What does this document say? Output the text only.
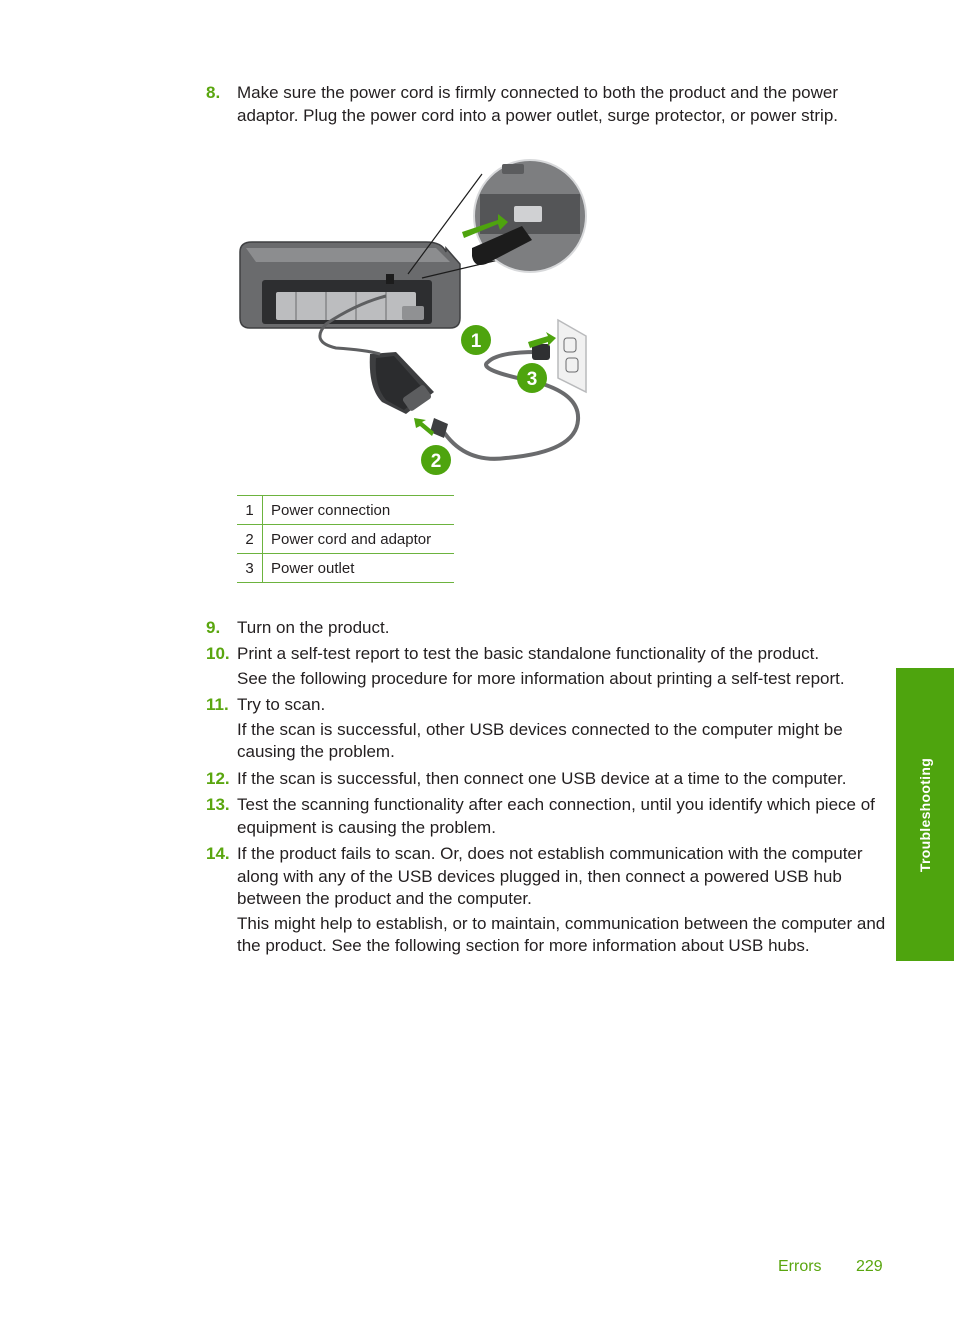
8. Make sure the power cord is firmly connected to both the product and the power adaptor. Plug the power cord into a power outlet, surge protector, or power strip.
1
2
3
1	Power connection
2	Power cord and adaptor
3	Power outlet
9. Turn on the product.
10. Print a self-test report to test the basic standalone functionality of the product.
See the following procedure for more information about printing a self-test report.
11. Try to scan.
If the scan is successful, other USB devices connected to the computer might be causing the problem.
12. If the scan is successful, then connect one USB device at a time to the computer.
13. Test the scanning functionality after each connection, until you identify which piece of equipment is causing the problem.
14. If the product fails to scan. Or, does not establish communication with the computer along with any of the USB devices plugged in, then connect a powered USB hub between the product and the computer.
This might help to establish, or to maintain, communication between the computer and the product. See the following section for more information about USB hubs.
Troubleshooting
Errors 229
